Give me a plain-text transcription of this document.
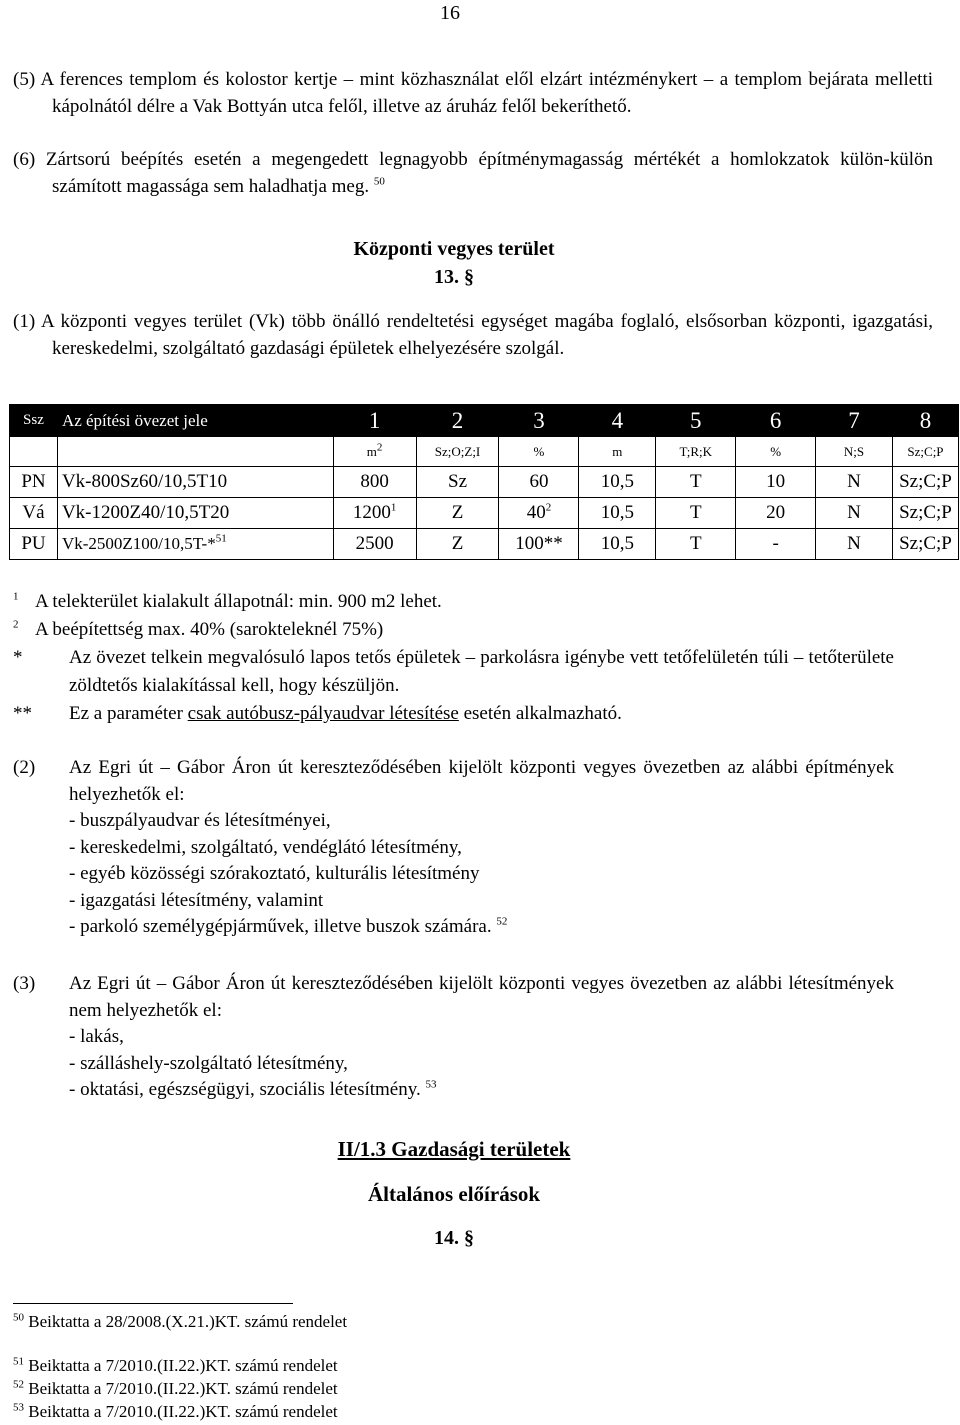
16
(5) A ferences templom és kolostor kertje – mint közhasználat elől elzárt intézménykert – a templom bejárata melletti kápolnától délre a Vak Bottyán utca felől, illetve az áruház felől bekeríthető.
(6) Zártsorú beépítés esetén a megengedett legnagyobb építménymagasság mértékét a homlokzatok külön-külön számított magassága sem haladhatja meg. $^{50}$
Központi vegyes terület
13. §
(1) A központi vegyes terület (Vk) több önálló rendeltetési egységet magába foglaló, elsősorban központi, igazgatási, kereskedelmi, szolgáltató gazdasági épületek elhelyezésére szolgál.
Ssz	Az építési övezet jele	1	2	3	4	5	6	7	8
		$m^2$	Sz;O;Z;I	%	m	T;R;K	%	N;S	Sz;C;P
PN	Vk-800Sz60/10,5T10	800	Sz	60	10,5	T	10	N	Sz;C;P
Vá	Vk-1200Z40/10,5T20	1200$^1$	Z	$40^2$	10,5	T	20	N	Sz;C;P
PU	Vk-2500Z100/10,5T-*$^{51}$	2500	Z	100**	10,5	T	-	N	Sz;C;P
$^1$ A telekterület kialakult állapotnál: min. 900 m2 lehet.
$^2$ A beépítettség max. 40% (sarokteleknél 75%)
*	Az övezet telkein megvalósuló lapos tetős épületek – parkolásra igénybe vett tetőfelületén túli – tetőterülete zöldtetős kialakítással kell, hogy készüljön.
**	Ez a paraméter csak autóbusz-pályaudvar létesítése esetén alkalmazható.
(2)	Az Egri út – Gábor Áron út kereszteződésében kijelölt központi vegyes övezetben az alábbi építmények helyezhetők el:
- buszpályaudvar és létesítményei,
- kereskedelmi, szolgáltató, vendéglátó létesítmény,
- egyéb közösségi szórakoztató, kulturális létesítmény
- igazgatási létesítmény, valamint
- parkoló személygépjárművek, illetve buszok számára. $^{52}$
(3)	Az Egri út – Gábor Áron út kereszteződésében kijelölt központi vegyes övezetben az alábbi létesítmények nem helyezhetők el:
- lakás,
- szálláshely-szolgáltató létesítmény,
- oktatási, egészségügyi, szociális létesítmény. $^{53}$
II/1.3 Gazdasági területek
Általános előírások
14. §
$^{50}$ Beiktatta a 28/2008.(X.21.)KT. számú rendelet
$^{51}$ Beiktatta a 7/2010.(II.22.)KT. számú rendelet
$^{52}$ Beiktatta a 7/2010.(II.22.)KT. számú rendelet
$^{53}$ Beiktatta a 7/2010.(II.22.)KT. számú rendelet
